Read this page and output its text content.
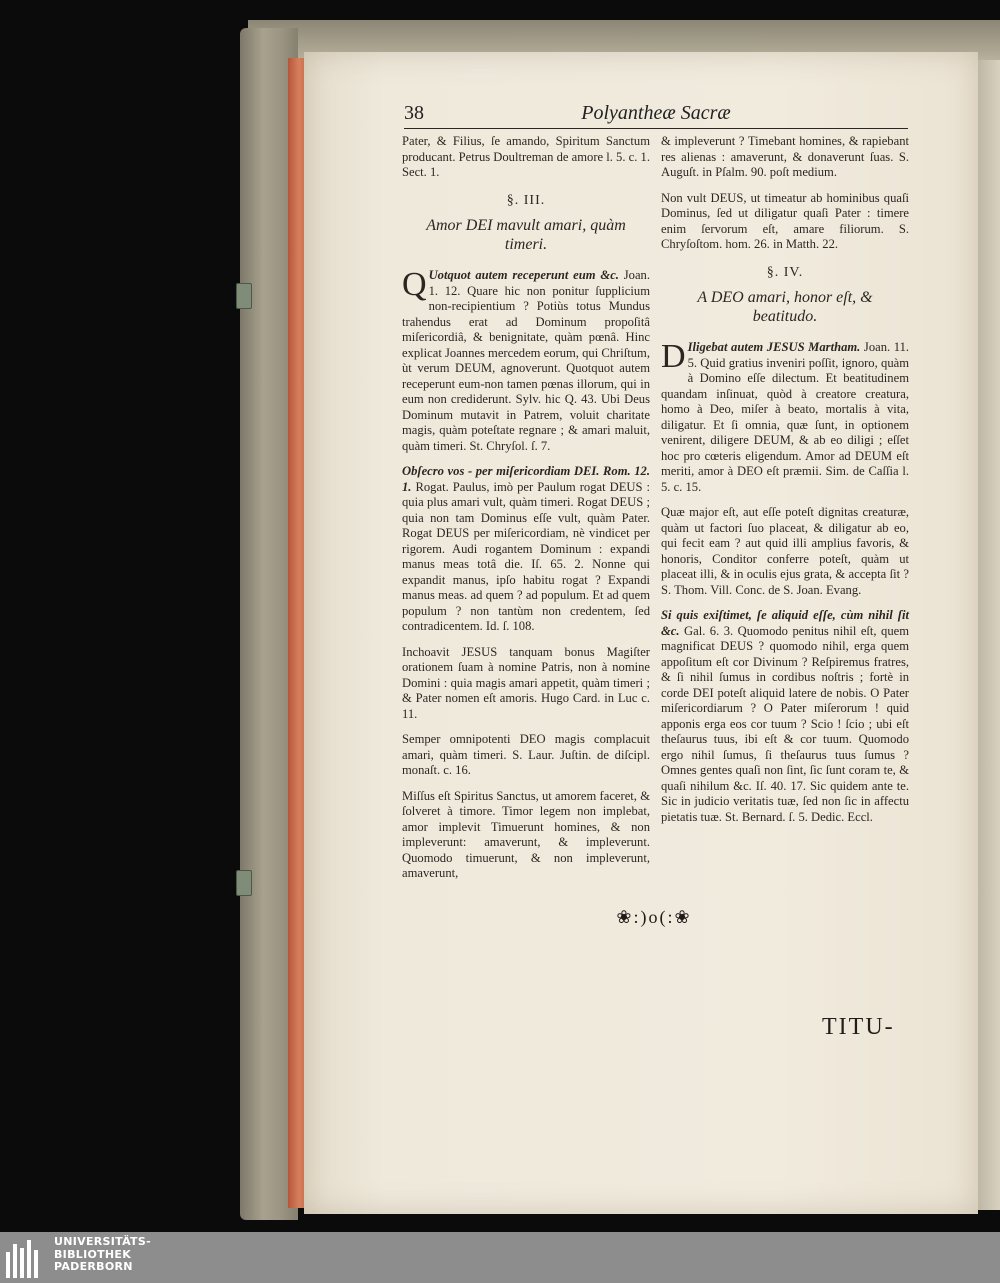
38	Polyantheæ Sacræ

Pater, & Filius, ſe amando, Spiritum Sanctum producant. Petrus Doultreman de amore l. 5. c. 1. Sect. 1.

§. III.
Amor DEI mavult amari, quàm timeri.

Q Uotquot autem receperunt eum &c. Joan. 1. 12. Quare hic non ponitur ſupplicium non-recipientium ? Potiùs totus Mundus trahendus erat ad Dominum propoſitâ miſericordiâ, & benignitate, quàm pœnâ. Hinc explicat Joannes mercedem eorum, qui Chriſtum, ùt verum DEUM, agnoverunt. Quotquot autem receperunt eum-non tamen pœnas illorum, qui in eum non crediderunt. Sylv. hic Q. 43. Ubi Deus Dominum mutavit in Patrem, voluit charitate magis, quàm poteſtate regnare ; & amari maluit, quàm timeri. St. Chryſol. ſ. 7.

Obſecro vos - per miſericordiam DEI. Rom. 12. 1. Rogat. Paulus, imò per Paulum rogat DEUS : quia plus amari vult, quàm timeri. Rogat DEUS ; quia non tam Dominus eſſe vult, quàm Pater. Rogat DEUS per miſericordiam, nè vindicet per rigorem. Audi rogantem Dominum : expandi manus meas totâ die. Iſ. 65. 2. Nonne qui expandit manus, ipſo habitu rogat ? Expandi manus meas. ad quem ? ad populum. Et ad quem populum ? non tantùm non credentem, ſed contradicentem. Id. ſ. 108.

Inchoavit JESUS tanquam bonus Magiſter orationem ſuam à nomine Patris, non à nomine Domini : quia magis amari appetit, quàm timeri ; & Pater nomen eſt amoris. Hugo Card. in Luc c. 11.

Semper omnipotenti DEO magis complacuit amari, quàm timeri. S. Laur. Juſtin. de diſcipl. monaſt. c. 16.

Miſſus eſt Spiritus Sanctus, ut amorem faceret, & ſolveret à timore. Timor legem non implebat, amor implevit Timuerunt homines, & non impleverunt: amaverunt, & impleverunt. Quomodo timuerunt, & non impleverunt, amaverunt,

& impleverunt ? Timebant homines, & rapiebant res alienas : amaverunt, & donaverunt ſuas. S. Auguſt. in Pſalm. 90. poſt medium.

Non vult DEUS, ut timeatur ab hominibus quaſi Dominus, ſed ut diligatur quaſi Pater : timere enim ſervorum eſt, amare filiorum. S. Chryſoſtom. hom. 26. in Matth. 22.

§. IV.
A DEO amari, honor eſt, & beatitudo.

D Iligebat autem JESUS Martham. Joan. 11. 5. Quid gratius inveniri poſſit, ignoro, quàm à Domino eſſe dilectum. Et beatitudinem quandam inſinuat, quòd à creatore creatura, homo à Deo, miſer à beato, mortalis à vita, diligatur. Et ſi omnia, quæ ſunt, in optionem venirent, diligere DEUM, & ab eo diligi ; eſſet hoc pro cœteris eligendum. Amor ad DEUM eſt meriti, amor à DEO eſt præmii. Sim. de Caſſia l. 5. c. 15.

Quæ major eſt, aut eſſe poteſt dignitas creaturæ, quàm ut factori ſuo placeat, & diligatur ab eo, qui fecit eam ? aut quid illi amplius favoris, & honoris, Conditor conferre poteſt, quàm ut placeat illi, & in oculis ejus grata, & accepta ſit ? S. Thom. Vill. Conc. de S. Joan. Evang.

Si quis exiſtimet, ſe aliquid eſſe, cùm nihil ſit &c. Gal. 6. 3. Quomodo penitus nihil eſt, quem magnificat DEUS ? quomodo nihil, erga quem appoſitum eſt cor Divinum ? Reſpiremus fratres, & ſi nihil ſumus in cordibus noſtris ; fortè in corde DEI poteſt aliquid latere de nobis. O Pater miſericordiarum ? O Pater miſerorum ! quid apponis erga eos cor tuum ? Scio ! ſcio ; ubi eſt theſaurus tuus, ibi eſt & cor tuum. Quomodo ergo nihil ſumus, ſi theſaurus tuus ſumus ? Omnes gentes quaſi non ſint, ſic ſunt coram te, & quaſi nihilum &c. Iſ. 40. 17. Sic quidem ante te. Sic in judicio veritatis tuæ, ſed non ſic in affectu pietatis tuæ. St. Bernard. ſ. 5. Dedic. Eccl.

❀:)o(:❀
TITU-
UNIVERSITÄTS-
BIBLIOTHEK
PADERBORN
